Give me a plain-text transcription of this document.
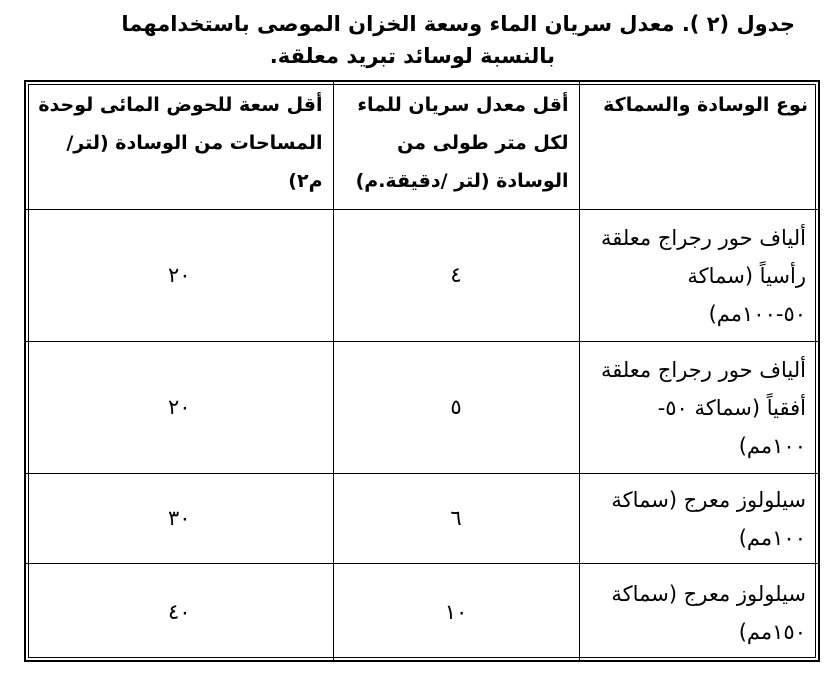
جدول (٢ ). معدل سريان الماء وسعة الخزان الموصى باستخدامهما
بالنسبة لوسائد تبريد معلقة.
نوع الوسادة والسماكة	أقل معدل سريان للماء لكل متر طولى من الوسادة (لتر /دقيقة.م)	أقل سعة للحوض المائى لوحدة المساحات من الوسادة (لتر/م٢)
ألياف حور رجراج معلقة رأسياً (سماكة ٥٠-١٠٠مم)	٤	٢٠
ألياف حور رجراج معلقة أفقياً (سماكة ٥٠- ١٠٠مم)	٥	٢٠
سيلولوز معرج (سماكة ١٠٠مم)	٦	٣٠
سيلولوز معرج (سماكة ١٥٠مم)	١٠	٤٠
